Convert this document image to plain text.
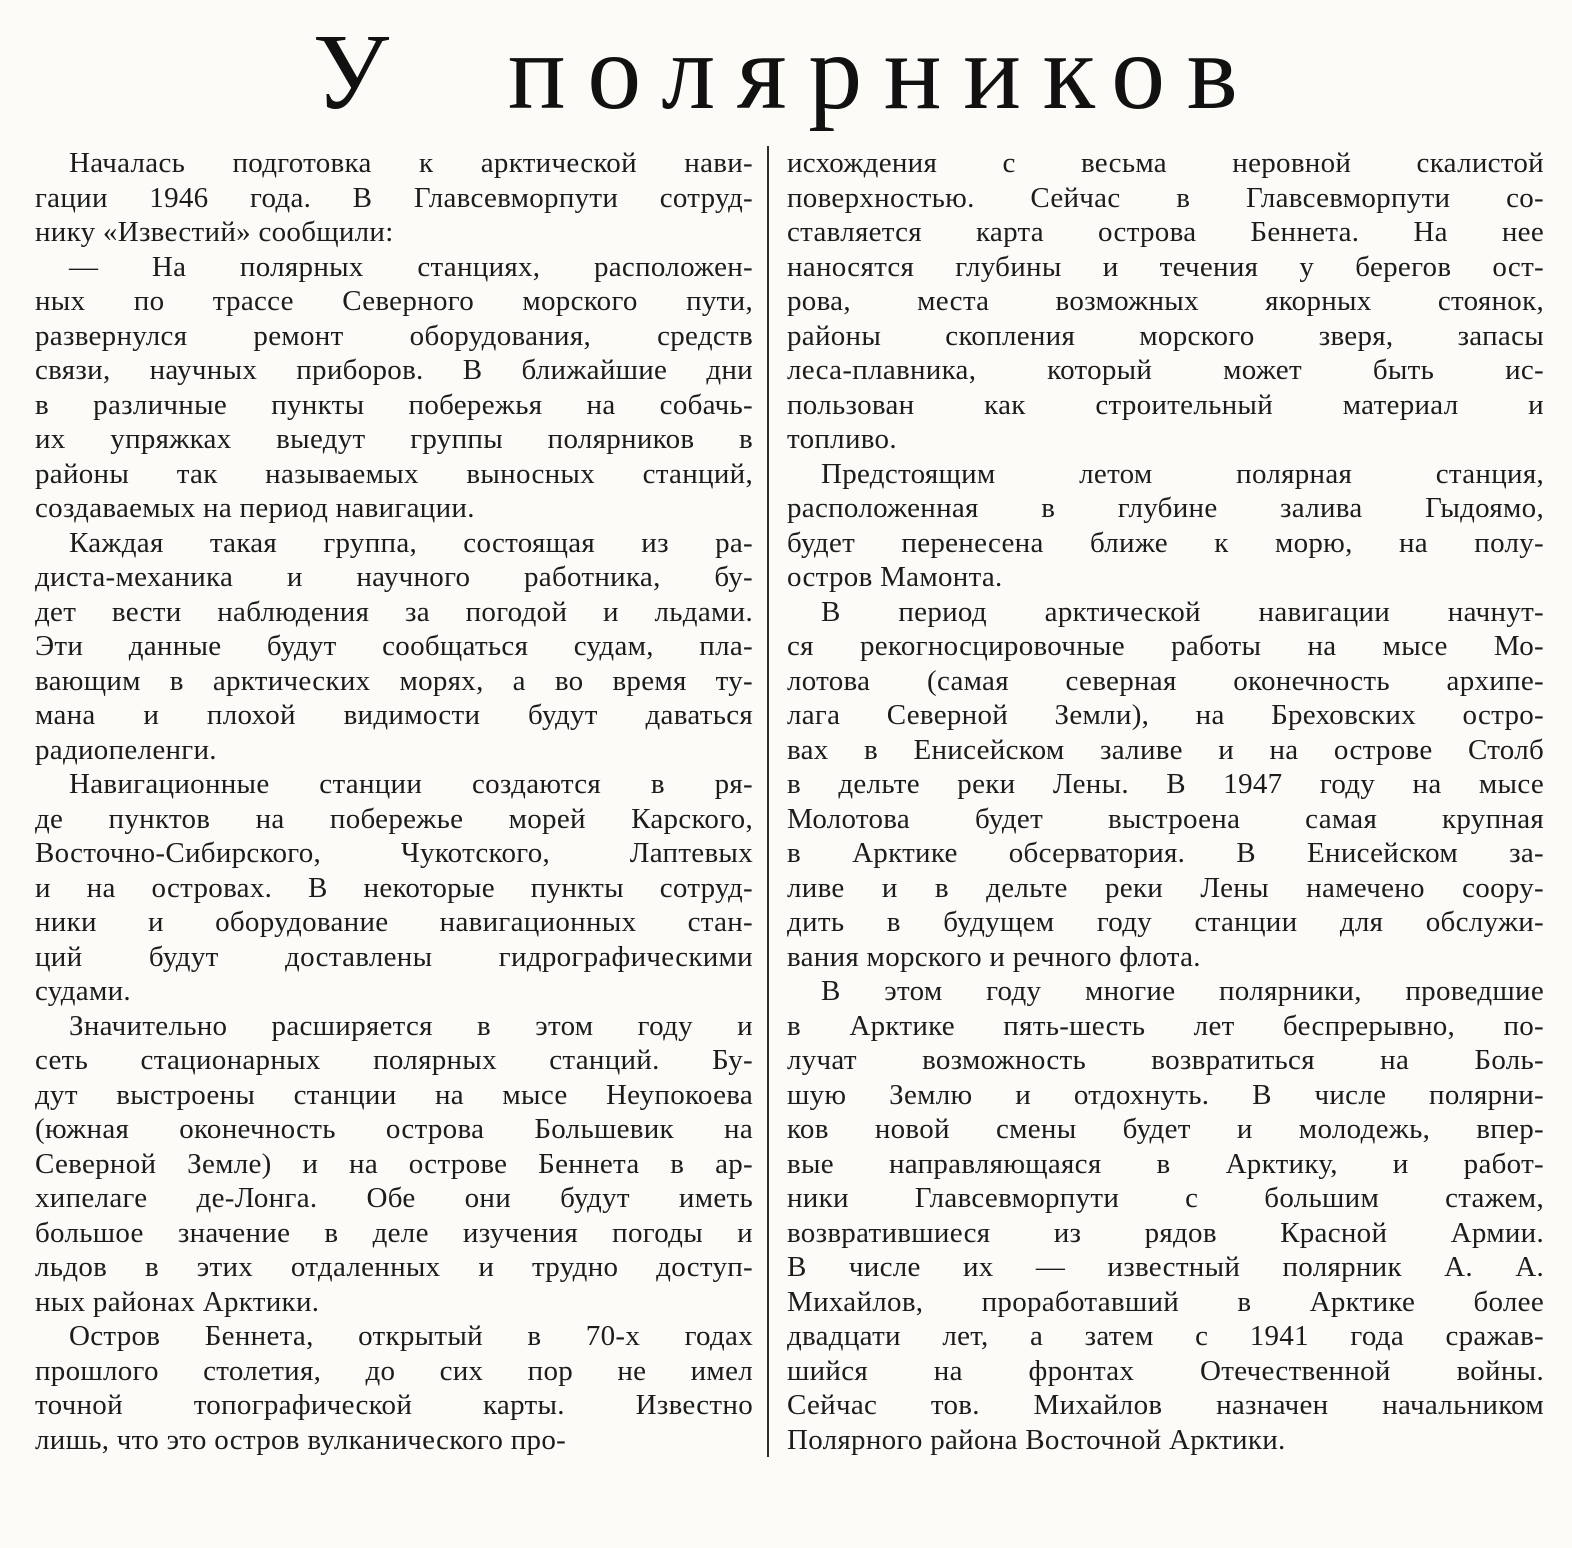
У полярников
Началась подготовка к арктической нави-
гации 1946 года. В Главсевморпути сотруд-
нику «Известий» сообщили:
— На полярных станциях, расположен-
ных по трассе Северного морского пути,
развернулся ремонт оборудования, средств
связи, научных приборов. В ближайшие дни
в различные пункты побережья на собачь-
их упряжках выедут группы полярников в
районы так называемых выносных станций,
создаваемых на период навигации.
Каждая такая группа, состоящая из ра-
диста-механика и научного работника, бу-
дет вести наблюдения за погодой и льдами.
Эти данные будут сообщаться судам, пла-
вающим в арктических морях, а во время ту-
мана и плохой видимости будут даваться
радиопеленги.
Навигационные станции создаются в ря-
де пунктов на побережье морей Карского,
Восточно-Сибирского, Чукотского, Лаптевых
и на островах. В некоторые пункты сотруд-
ники и оборудование навигационных стан-
ций будут доставлены гидрографическими
судами.
Значительно расширяется в этом году и
сеть стационарных полярных станций. Бу-
дут выстроены станции на мысе Неупокоева
(южная оконечность острова Большевик на
Северной Земле) и на острове Беннета в ар-
хипелаге де-Лонга. Обе они будут иметь
большое значение в деле изучения погоды и
льдов в этих отдаленных и трудно доступ-
ных районах Арктики.
Остров Беннета, открытый в 70-х годах
прошлого столетия, до сих пор не имел
точной топографической карты. Известно
лишь, что это остров вулканического про-
исхождения с весьма неровной скалистой
поверхностью. Сейчас в Главсевморпути со-
ставляется карта острова Беннета. На нее
наносятся глубины и течения у берегов ост-
рова, места возможных якорных стоянок,
районы скопления морского зверя, запасы
леса-плавника, который может быть ис-
пользован как строительный материал и
топливо.
Предстоящим летом полярная станция,
расположенная в глубине залива Гыдоямо,
будет перенесена ближе к морю, на полу-
остров Мамонта.
В период арктической навигации начнут-
ся рекогносцировочные работы на мысе Мо-
лотова (самая северная оконечность архипе-
лага Северной Земли), на Бреховских остро-
вах в Енисейском заливе и на острове Столб
в дельте реки Лены. В 1947 году на мысе
Молотова будет выстроена самая крупная
в Арктике обсерватория. В Енисейском за-
ливе и в дельте реки Лены намечено соору-
дить в будущем году станции для обслужи-
вания морского и речного флота.
В этом году многие полярники, проведшие
в Арктике пять-шесть лет беспрерывно, по-
лучат возможность возвратиться на Боль-
шую Землю и отдохнуть. В числе полярни-
ков новой смены будет и молодежь, впер-
вые направляющаяся в Арктику, и работ-
ники Главсевморпути с большим стажем,
возвратившиеся из рядов Красной Армии.
В числе их — известный полярник А. А.
Михайлов, проработавший в Арктике более
двадцати лет, а затем с 1941 года сражав-
шийся на фронтах Отечественной войны.
Сейчас тов. Михайлов назначен начальником
Полярного района Восточной Арктики.
